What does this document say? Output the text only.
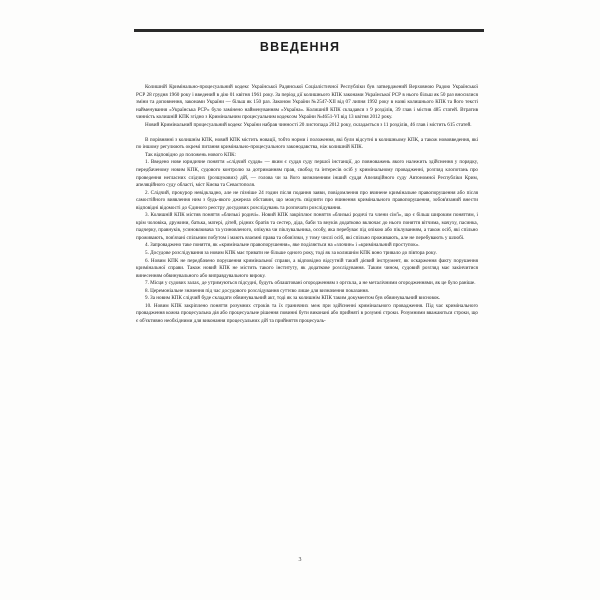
ВВЕДЕННЯ

Колишній Кримінально-процесуальний кодекс Української Радянської Соціалістичної Республіки був затверджений Верховною Радою Української РСР 28 грудня 1960 року і введений в дію 01 квітня 1961 року. За період дії колишнього КПК законами Української РСР в нього більш як 50 раз вносилися зміни та доповнення, законами України — більш як 150 раз. Законом України №2547-ХІІ від 07 липня 1992 року в назві колишнього КПК та його тексті найменування «Українська РСР» було замінено найменуванням «Україна». Колишній КПК складався з 9 розділів, 39 глав і містив 485 статей. Втратив чинність колишній КПК згідно з Кримінальним процесуальним кодексом України №4651-VI від 13 квітня 2012 року.

Новий Кримінальний процесуальний кодекс України набрав чинності 20 листопада 2012 року, складається з 11 розділів, 46 глав і містить 615 статей.

В порівнянні з колишнім КПК, новий КПК містить новації, тобто норми і положення, які були відсутні в колишньому КПК, а також нововведення, які по іншому регулюють окремі питання кримінально-процесуального законодавства, ніж колишній КПК.

Так відповідно до положень нового КПК:

1. Введено нове юридичне поняття «слідчий суддя» — яким є суддя суду першої інстанції, до повноважень якого належить здійснення у порядку, передбаченому новим КПК, судового контролю за дотриманням прав, свобод та інтересів осіб у кримінальному провадженні, розгляд клопотань про проведення негласних слідчих (розшукових) дій, — голова чи за його визначенням інший суддя Апеляційного суду Автономної Республіки Крим, апеляційного суду області, міст Києва та Севастополя.

2. Слідчий, прокурор невідкладно, але не пізніше 24 годин після подання заяви, повідомлення про вчинене кримінальне правопорушення або після самостійного виявлення ним з будь-якого джерела обставин, що можуть свідчити про вчинення кримінального правопорушення, зобов'язаний внести відповідні відомості до Єдиного реєстру досудових розслідувань та розпочати розслідування.

3. Колишній КПК містив поняття «близькі родичі». Новий КПК закріплює поняття «близькі родичі та члени сім'ї», що є більш широким поняттям, і крім чоловіка, дружини, батька, матері, дітей, рідних братів та сестер, діда, баби та внуків додатково включає до нього поняття вітчима, мачуху, пасинка, падчерку, правнуків, усиновлювача та усиновленого, опікуна чи піклувальника, особу, яка перебуває під опікою або піклуванням, а також осіб, які спільно проживають, пов'язані спільним побутом і мають взаємні права та обов'язки, у тому числі осіб, які спільно проживають, але не перебувають у шлюбі.

4. Запроваджено таке поняття, як «кримінальне правопорушення», яке поділяється на «злочин» і «кримінальний проступок».

5. Досудове розслідування за новим КПК має тривати не більше одного року, тоді як за колишнім КПК воно тривало до півтора року.

6. Новим КПК не передбачено порушення кримінальної справи, а відповідно відсутній такий дієвий інструмент, як оскарження факту порушення кримінальної справи. Також новий КПК не містить такого інституту, як додаткове розслідування. Таким чином, судовий розгляд має закінчитися винесенням обвинувального або виправдувального вироку.

7. Місця у судових залах, де утримуються підсудні, будуть облаштовані огородженням з оргскла, а не металічними огородженнями, як це було раніше.

8. Церемоніальне значення під час досудового розслідування суттєво лише для визначення показання.

9. За новим КПК слідчий буде складати обвинувальний акт, тоді як за колишнім КПК таким документом був обвинувальний висновок.

10. Новим КПК закріплено поняття розумних строків та їх граничних меж при здійсненні кримінального провадження. Під час кримінального провадження кожна процесуальна дія або процесуальне рішення повинні бути виконані або прийняті в розумні строки. Розумними вважаються строки, що є об'єктивно необхідними для виконання процесуальних дій та прийняття процесуаль-

3
